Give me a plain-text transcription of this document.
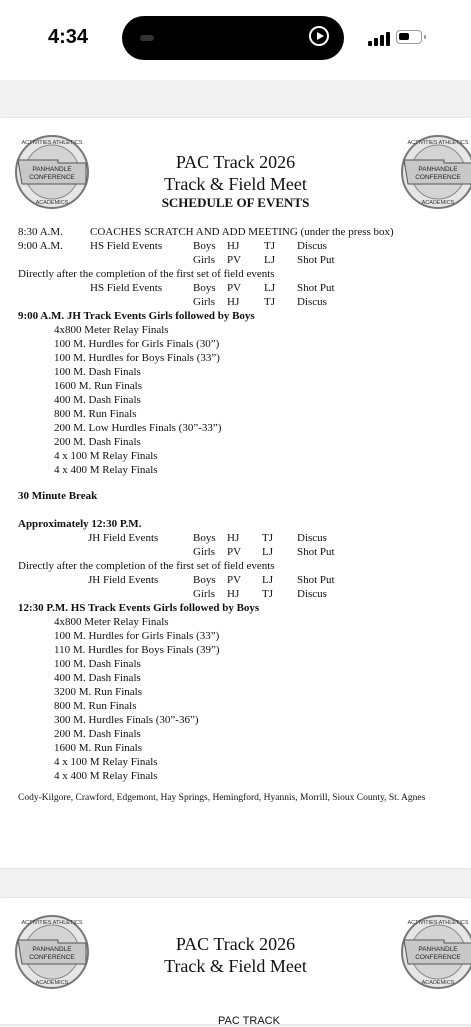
4:34
ACTIVITIES ATHLETICS
PANHANDLE
CONFERENCE
ACADEMICS
ACTIVITIES ATHLETICS
PANHANDLE
CONFERENCE
ACADEMICS
PAC Track 2026
Track & Field Meet
SCHEDULE OF EVENTS
8:30 A.M. COACHES SCRATCH AND ADD MEETING (under the press box)
9:00 A.M. HS Field Events	Boys HJ TJ Discus
Girls PV LJ Shot Put
Directly after the completion of the first set of field events
HS Field Events	Boys PV LJ Shot Put
Girls HJ TJ Discus
9:00 A.M. JH Track Events Girls followed by Boys
4x800 Meter Relay Finals
100 M. Hurdles for Girls Finals (30”)
100 M. Hurdles for Boys Finals (33”)
100 M. Dash Finals
1600 M. Run Finals
400 M. Dash Finals
800 M. Run Finals
200 M. Low Hurdles Finals (30”-33”)
200 M. Dash Finals
4 x 100 M Relay Finals
4 x 400 M Relay Finals
30 Minute Break
Approximately 12:30 P.M.
JH Field Events	Boys HJ TJ Discus
Girls PV LJ Shot Put
Directly after the completion of the first set of field events
JH Field Events	Boys PV LJ Shot Put
Girls HJ TJ Discus
12:30 P.M. HS Track Events Girls followed by Boys
4x800 Meter Relay Finals
100 M. Hurdles for Girls Finals (33”)
110 M. Hurdles for Boys Finals (39”)
100 M. Dash Finals
400 M. Dash Finals
3200 M. Run Finals
800 M. Run Finals
300 M. Hurdles Finals (30”-36”)
200 M. Dash Finals
1600 M. Run Finals
4 x 100 M Relay Finals
4 x 400 M Relay Finals
Cody-Kilgore, Crawford, Edgemont, Hay Springs, Hemingford, Hyannis, Morrill, Sioux County, St. Agnes
ACTIVITIES ATHLETICS
PANHANDLE
CONFERENCE
ACADEMICS
ACTIVITIES ATHLETICS
PANHANDLE
CONFERENCE
ACADEMICS
PAC Track 2026
Track & Field Meet
PAC TRACK
